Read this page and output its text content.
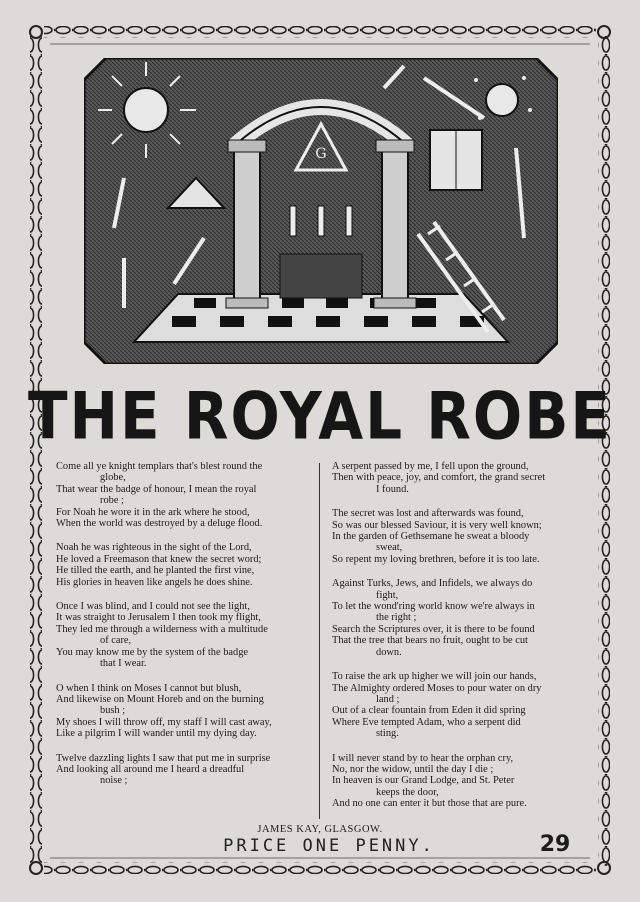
G
THE ROYAL ROBE
Come all ye knight templars that's blest round the
globe,
That wear the badge of honour, I mean the royal
robe ;
For Noah he wore it in the ark where he stood,
When the world was destroyed by a deluge flood.
Noah he was righteous in the sight of the Lord,
He loved a Freemason that knew the secret word;
He tilled the earth, and he planted the first vine,
His glories in heaven like angels he does shine.
Once I was blind, and I could not see the light,
It was straight to Jerusalem I then took my flight,
They led me through a wilderness with a multitude
of care,
You may know me by the system of the badge
that I wear.
O when I think on Moses I cannot but blush,
And likewise on Mount Horeb and on the burning
bush ;
My shoes I will throw off, my staff I will cast away,
Like a pilgrim I will wander until my dying day.
Twelve dazzling lights I saw that put me in surprise
And looking all around me I heard a dreadful
noise ;
A serpent passed by me, I fell upon the ground,
Then with peace, joy, and comfort, the grand secret
I found.
The secret was lost and afterwards was found,
So was our blessed Saviour, it is very well known;
In the garden of Gethsemane he sweat a bloody
sweat,
So repent my loving brethren, before it is too late.
Against Turks, Jews, and Infidels, we always do
fight,
To let the wond'ring world know we're always in
the right ;
Search the Scriptures over, it is there to be found
That the tree that bears no fruit, ought to be cut
down.
To raise the ark up higher we will join our hands,
The Almighty ordered Moses to pour water on dry
land ;
Out of a clear fountain from Eden it did spring
Where Eve tempted Adam, who a serpent did
sting.
I will never stand by to hear the orphan cry,
No, nor the widow, until the day I die ;
In heaven is our Grand Lodge, and St. Peter
keeps the door,
And no one can enter it but those that are pure.
JAMES KAY, GLASGOW.
PRICE ONE PENNY.	29
